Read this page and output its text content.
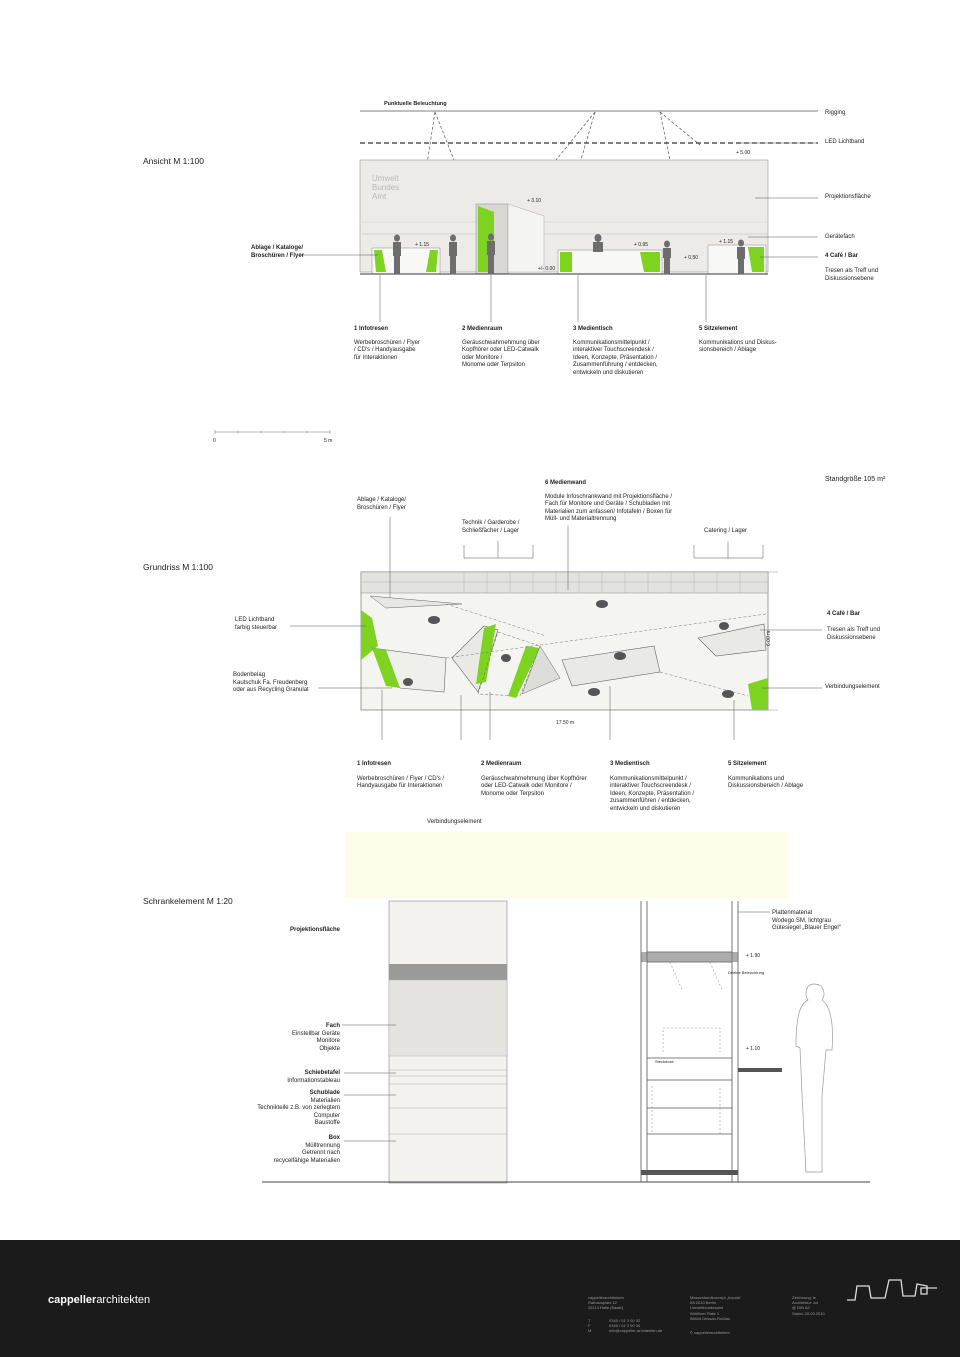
Ansicht M 1:100
Punktuelle Beleuchtung
Umwelt
Bundes
Amt
+ 5.00
+ 3.10
+ 1.15	+ 0.95	+ 1.15
+ 0.50
+/- 0.00
Rigging
LED Lichtband
Projektionsfläche
Gerätefach
4 Café / Bar
Tresen als Treff und Diskussionsebene
Ablage / Kataloge/
Broschüren / Flyer
1 Infotresen
Werbebroschüren / Flyer
/ CD's / Handyausgabe
für Interaktionen
2 Medienraum
Geräuschwahrnehmung über
Kopfhörer oder LED-Catwalk
oder Monitore /
Monome oder Terpsiton
3 Medientisch
Kommunikationsmittelpunkt /
interaktiver Touchscreendesk /
Ideen, Konzepte, Präsentation /
Zusammenführung / entdecken,
entwickeln und diskutieren
5 Sitzelement
Kommunikations und Diskus-
sionsbereich / Ablage
0	5 m
Grundriss M 1:100
Standgröße 105 m²
Ablage / Kataloge/
Broschüren / Flyer
Technik / Garderobe /
Schließfächer / Lager
6 Medienwand
Module Infoschrankwand mit Projektionsfläche /
Fach für Monitore und Geräte / Schubladen mit
Materialien zum anfassen/ Infotafeln / Boxen für
Müll- und Materialtrennung
Catering / Lager
LED Lichtband
farbig steuerbar
Bodenbelag
Kautschuk Fa. Freudenberg
oder aus Recycling Granulat
4 Café / Bar
Tresen als Treff und
Diskussionsebene
Verbindungselement
17.50 m
6.00 m
1 Infotresen
Werbebroschüren / Flyer / CD's /
Handyausgabe für Interaktionen
2 Medienraum
Geräuschwahrnehmung über Kopfhörer
oder LED-Catwalk oder Monitore /
Monome oder Terpsiton
3 Medientisch
Kommunikationsmittelpunkt /
interaktiver Touchscreendesk /
Ideen, Konzepte, Präsentation /
zusammenführen / entdecken,
entwickeln und diskutieren
5 Sitzelement
Kommunikations und
Diskussionsbereich / Ablage
Verbindungselement
Schrankelement M 1:20
Projektionsfläche
Fach
Einstellbar Geräte
Monitore
Objekte
Schiebetafel
Informationstableau
Schublade
Materialien
Technikteile z.B. von zerlegtem
Computer
Baustoffe
Box
Mülltrennung
Getrennt nach
recycelfähige Materialien
Plattenmaterial
Wodego SM, lichtgrau
Gütesiegel „Blauer Engel“
+ 1.90
Direkte Beleuchtung
+ 1.10
Steckdose
cappellerarchitekten	cappellerarchitekten
Rathausplatz 12
26114 Halle (Saale)
T
F
M
0345 / 01 3 00 32
0345 / 01 3 00 34
info@cappeller-architekten.de
Messestandkonzept „Impuls“
IfA 2010 Berlin
Umweltbundesamt
Wörlitzer Platz 1
06844 Dessau-Roßlau
© cappellerarchitekten
Zeichnung: ie
Architektur: ad
@ DIN A2
Stand: 20.09.2010
